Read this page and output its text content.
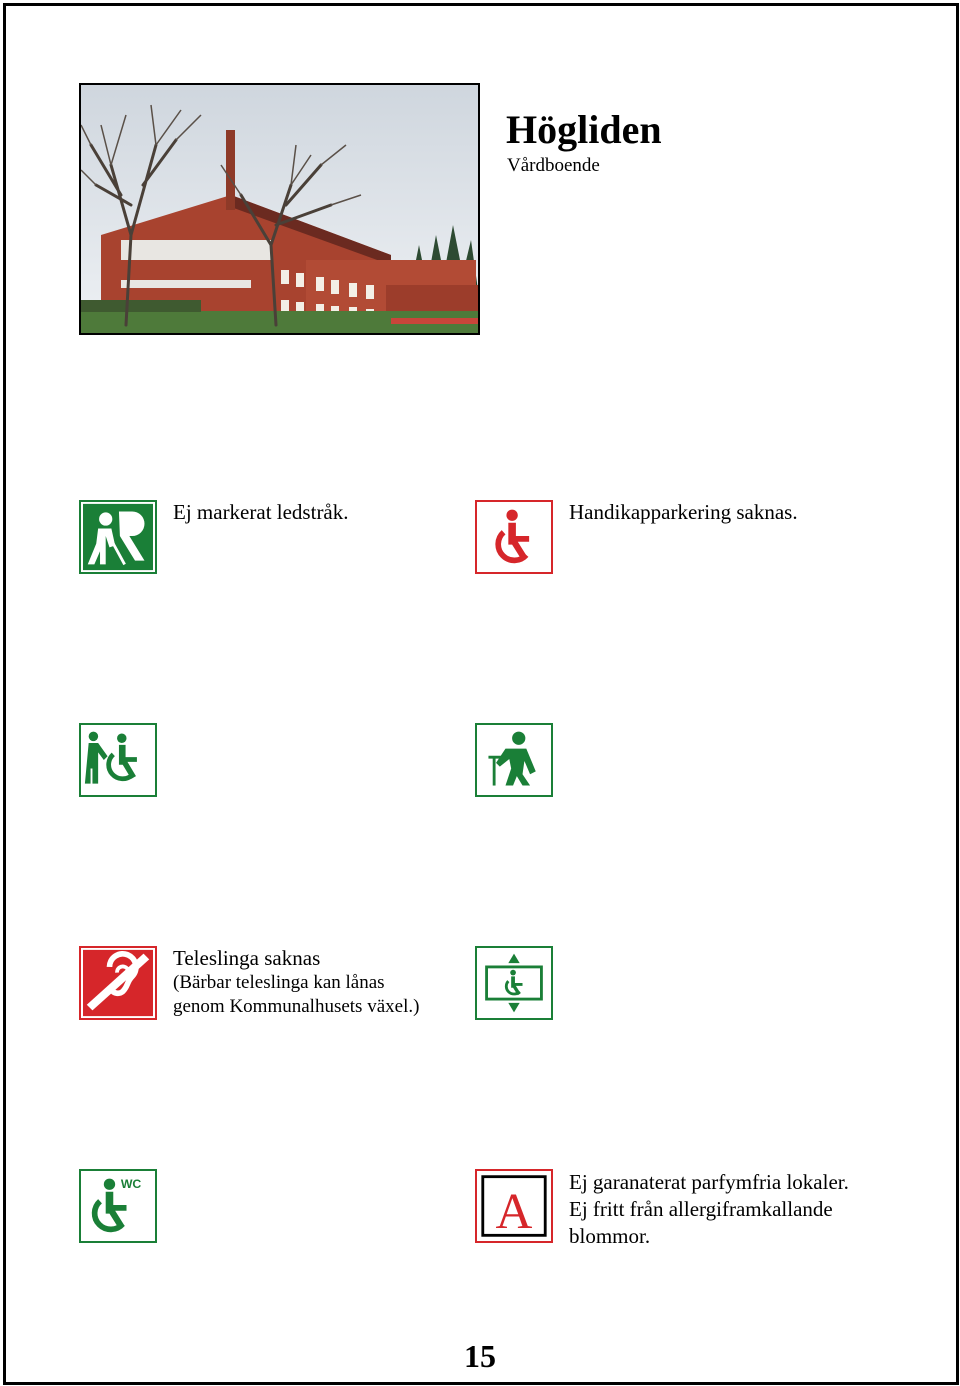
Högliden
Vårdboende
Ej markerat ledstråk.	Handikapparkering saknas.
Teleslinga saknas
(Bärbar teleslinga kan lånas
genom Kommunalhusets växel.)
WC	A
Ej garanaterat parfymfria lokaler.
Ej fritt från allergiframkallande
blommor.
15
